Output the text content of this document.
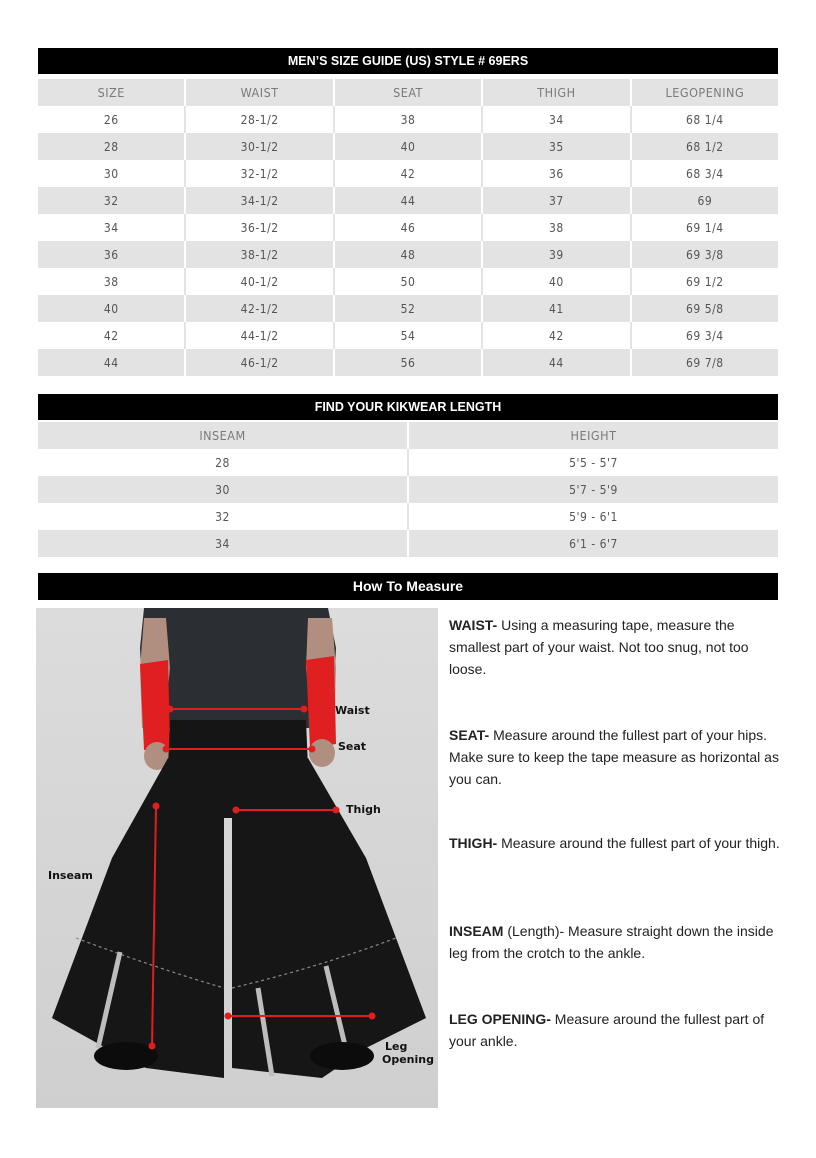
MEN’S SIZE GUIDE (US) STYLE # 69ERS
SIZE	WAIST	SEAT	THIGH	LEGOPENING
26	28-1/2	38	34	68 1/4
28	30-1/2	40	35	68 1/2
30	32-1/2	42	36	68 3/4
32	34-1/2	44	37	69
34	36-1/2	46	38	69 1/4
36	38-1/2	48	39	69 3/8
38	40-1/2	50	40	69 1/2
40	42-1/2	52	41	69 5/8
42	44-1/2	54	42	69 3/4
44	46-1/2	56	44	69 7/8
FIND YOUR KIKWEAR LENGTH
INSEAM	HEIGHT
28	5'5 - 5'7
30	5'7 - 5'9
32	5'9 - 6'1
34	6'1 - 6'7
How To Measure
Waist
Seat
Thigh
Inseam
Leg
Opening
WAIST- Using a measuring tape, measure the smallest part of your waist. Not too snug, not too loose.
SEAT- Measure around the fullest part of your hips. Make sure to keep the tape measure as horizontal as you can.
THIGH- Measure around the fullest part of your thigh.
INSEAM (Length)- Measure straight down the inside leg from the crotch to the ankle.
LEG OPENING- Measure around the fullest part of your ankle.
